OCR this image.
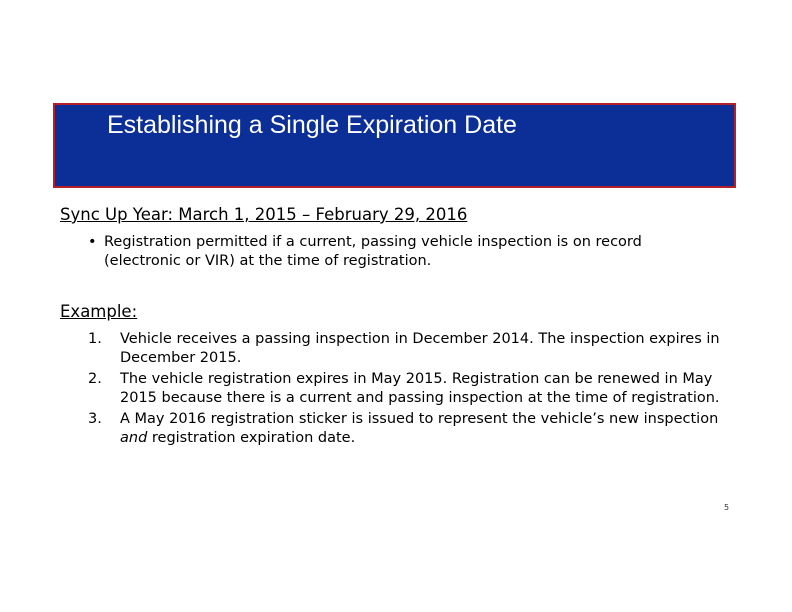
Establishing a Single Expiration Date
Sync Up Year: March 1, 2015 – February 29, 2016
• Registration permitted if a current, passing vehicle inspection is on record
(electronic or VIR) at the time of registration.
Example:
1. Vehicle receives a passing inspection in December 2014. The inspection expires in December 2015.
2. The vehicle registration expires in May 2015. Registration can be renewed in May 2015 because there is a current and passing inspection at the time of registration.
3. A May 2016 registration sticker is issued to represent the vehicle’s new inspection and registration expiration date.
5
